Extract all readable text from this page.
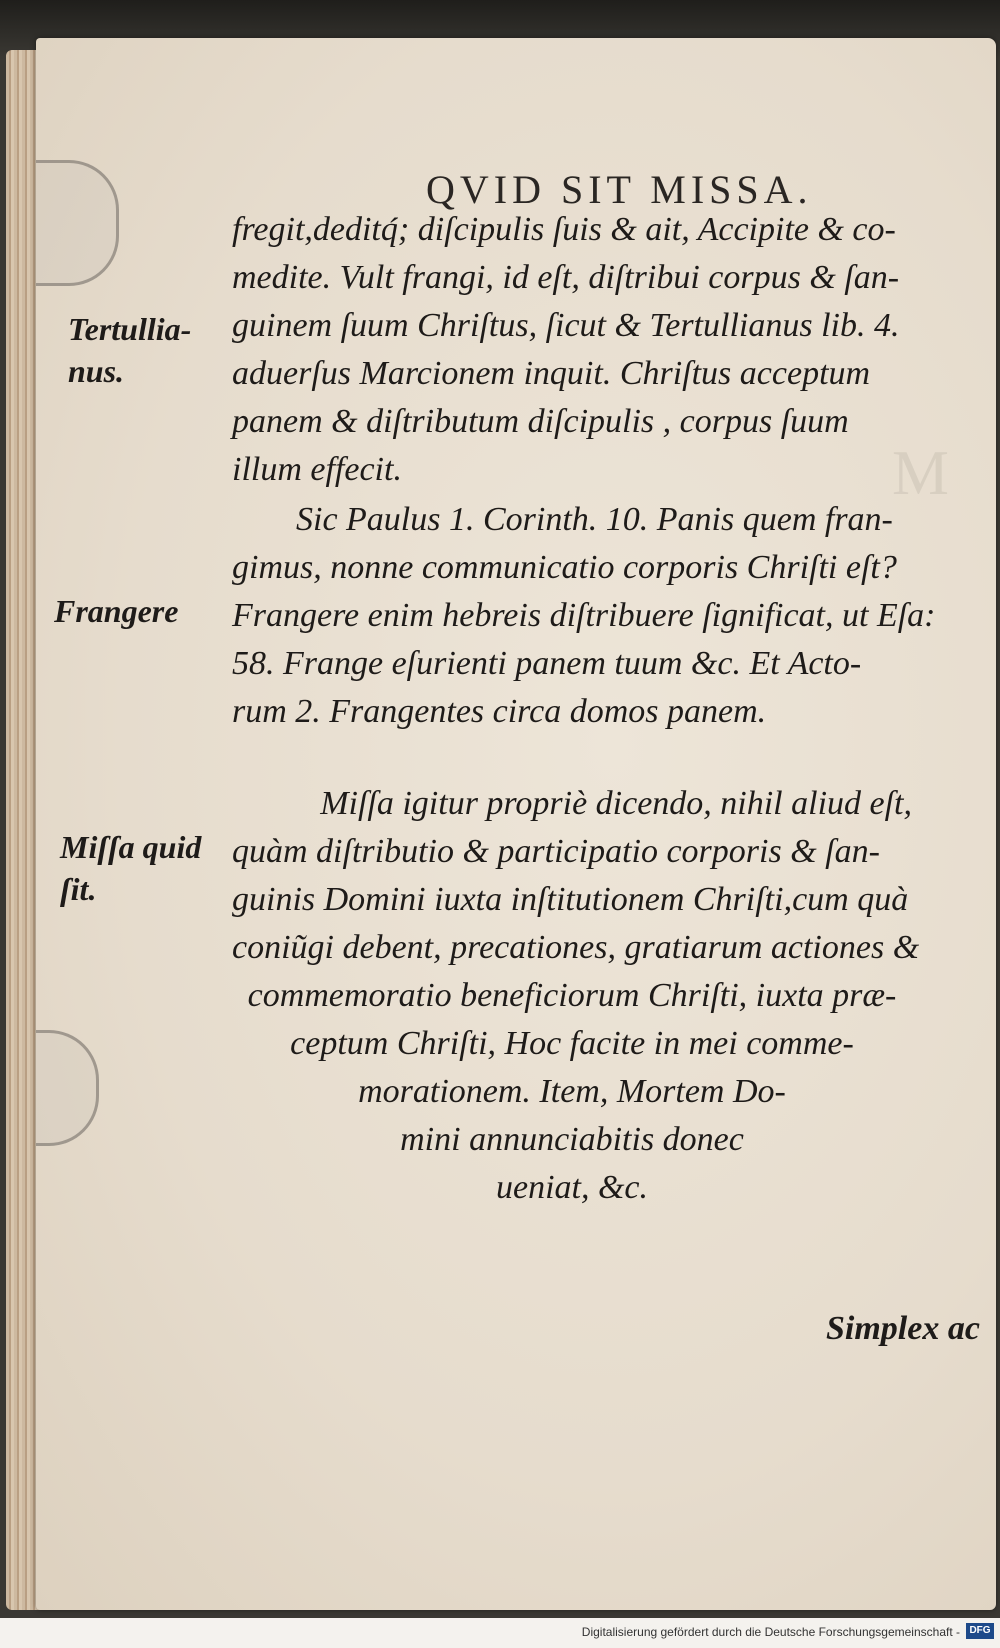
M
QVID SIT MISSA.
Tertullia-
nus.
Frangere
Miſſa quid
ſit.
fregit,deditq́; diſcipulis ſuis & ait, Accipite & co-
medite. Vult frangi, id eſt, diſtribui corpus & ſan-
guinem ſuum Chriſtus, ſicut & Tertullianus lib. 4.
aduerſus Marcionem inquit. Chriſtus acceptum
panem & diſtributum diſcipulis , corpus ſuum
illum effecit.
Sic Paulus 1. Corinth. 10. Panis quem fran-
gimus, nonne communicatio corporis Chriſti eſt?
Frangere enim hebreis diſtribuere ſignificat, ut Eſa:
58. Frange eſurienti panem tuum &c. Et Acto-
rum 2. Frangentes circa domos panem.
Miſſa igitur propriè dicendo, nihil aliud eſt,
quàm diſtributio & participatio corporis & ſan-
guinis Domini iuxta inſtitutionem Chriſti,cum quà
coniũgi debent, precationes, gratiarum actiones &
commemoratio beneficiorum Chriſti, iuxta præ-
ceptum Chriſti, Hoc facite in mei comme-
morationem. Item, Mortem Do-
mini annunciabitis donec
ueniat, &c.
Simplex ac
Digitalisierung gefördert durch die Deutsche Forschungsgemeinschaft - DFG
